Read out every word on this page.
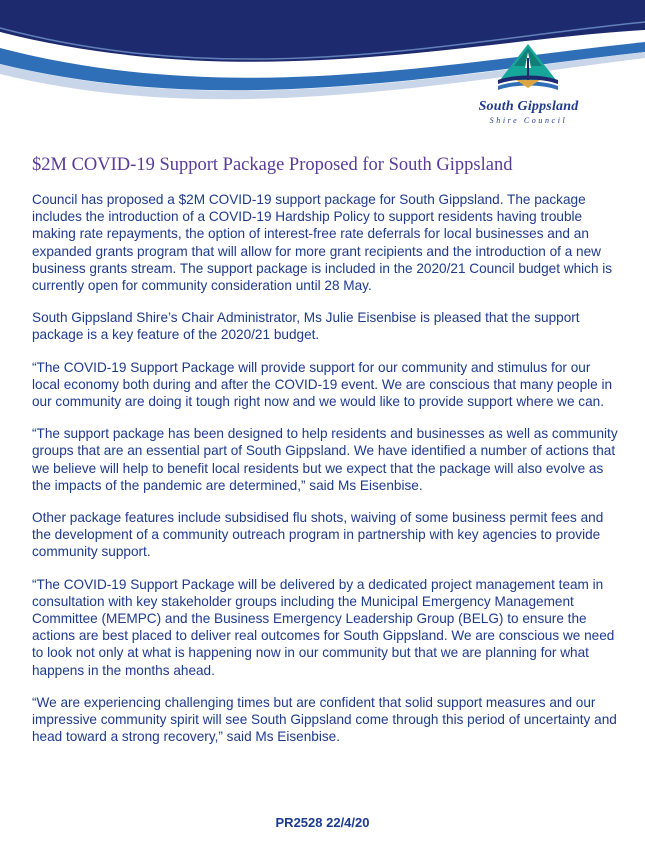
South Gippsland
Shire Council
$2M COVID-19 Support Package Proposed for South Gippsland

Council has proposed a $2M COVID-19 support package for South Gippsland. The package includes the introduction of a COVID-19 Hardship Policy to support residents having trouble making rate repayments, the option of interest-free rate deferrals for local businesses and an expanded grants program that will allow for more grant recipients and the introduction of a new business grants stream. The support package is included in the 2020/21 Council budget which is currently open for community consideration until 28 May.

South Gippsland Shire’s Chair Administrator, Ms Julie Eisenbise is pleased that the support package is a key feature of the 2020/21 budget.

“The COVID-19 Support Package will provide support for our community and stimulus for our local economy both during and after the COVID-19 event. We are conscious that many people in our community are doing it tough right now and we would like to provide support where we can.

“The support package has been designed to help residents and businesses as well as community groups that are an essential part of South Gippsland. We have identified a number of actions that we believe will help to benefit local residents but we expect that the package will also evolve as the impacts of the pandemic are determined,” said Ms Eisenbise.

Other package features include subsidised flu shots, waiving of some business permit fees and the development of a community outreach program in partnership with key agencies to provide community support.

“The COVID-19 Support Package will be delivered by a dedicated project management team in consultation with key stakeholder groups including the Municipal Emergency Management Committee (MEMPC) and the Business Emergency Leadership Group (BELG) to ensure the actions are best placed to deliver real outcomes for South Gippsland. We are conscious we need to look not only at what is happening now in our community but that we are planning for what happens in the months ahead.

“We are experiencing challenging times but are confident that solid support measures and our impressive community spirit will see South Gippsland come through this period of uncertainty and head toward a strong recovery,” said Ms Eisenbise.

PR2528 22/4/20
